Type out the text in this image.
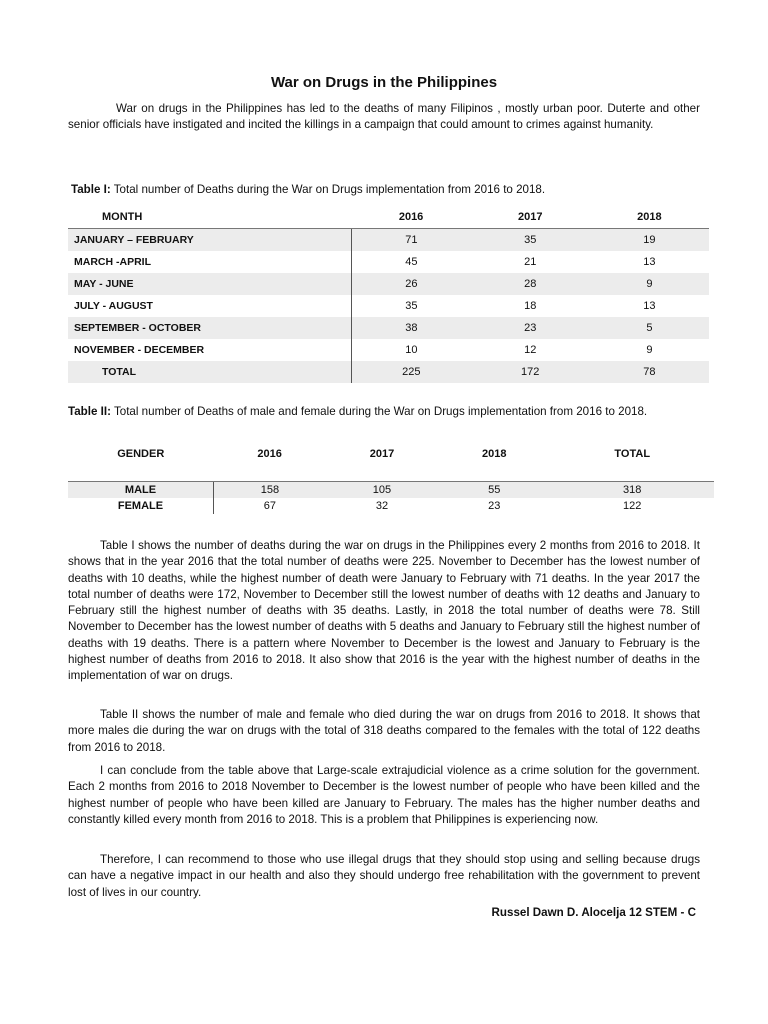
War on Drugs in the Philippines

War on drugs in the Philippines has led to the deaths of many Filipinos , mostly urban poor. Duterte and other senior officials have instigated and incited the killings in a campaign that could amount to crimes against humanity.

Table I: Total number of Deaths during the War on Drugs implementation from 2016 to 2018.
MONTH	2016	2017	2018
JANUARY – FEBRUARY	71	35	19
MARCH -APRIL	45	21	13
MAY - JUNE	26	28	9
JULY - AUGUST	35	18	13
SEPTEMBER - OCTOBER	38	23	5
NOVEMBER - DECEMBER	10	12	9
TOTAL	225	172	78
Table II: Total number of Deaths of male and female during the War on Drugs implementation from 2016 to 2018.
GENDER	2016	2017	2018	TOTAL

MALE	158	105	55	318
FEMALE	67	32	23	122

Table I shows the number of deaths during the war on drugs in the Philippines every 2 months from 2016 to 2018. It shows that in the year 2016 that the total number of deaths were 225. November to December has the lowest number of deaths with 10 deaths, while the highest number of death were January to February with 71 deaths. In the year 2017 the total number of deaths were 172, November to December still the lowest number of deaths with 12 deaths and January to February still the highest number of deaths with 35 deaths. Lastly, in 2018 the total number of deaths were 78. Still November to December has the lowest number of deaths with 5 deaths and January to February still the highest number of deaths with 19 deaths. There is a pattern where November to December is the lowest and January to February is the highest number of deaths from 2016 to 2018. It also show that 2016 is the year with the highest number of deaths in the implementation of war on drugs.

Table II shows the number of male and female who died during the war on drugs from 2016 to 2018. It shows that more males die during the war on drugs with the total of 318 deaths compared to the females with the total of 122 deaths from 2016 to 2018.

I can conclude from the table above that Large-scale extrajudicial violence as a crime solution for the government. Each 2 months from 2016 to 2018 November to December is the lowest number of people who have been killed and the highest number of people who have been killed are January to February. The males has the higher number deaths and constantly killed every month from 2016 to 2018. This is a problem that Philippines is experiencing now.

Therefore, I can recommend to those who use illegal drugs that they should stop using and selling because drugs can have a negative impact in our health and also they should undergo free rehabilitation with the government to prevent lost of lives in our country.

Russel Dawn D. Alocelja 12 STEM - C
